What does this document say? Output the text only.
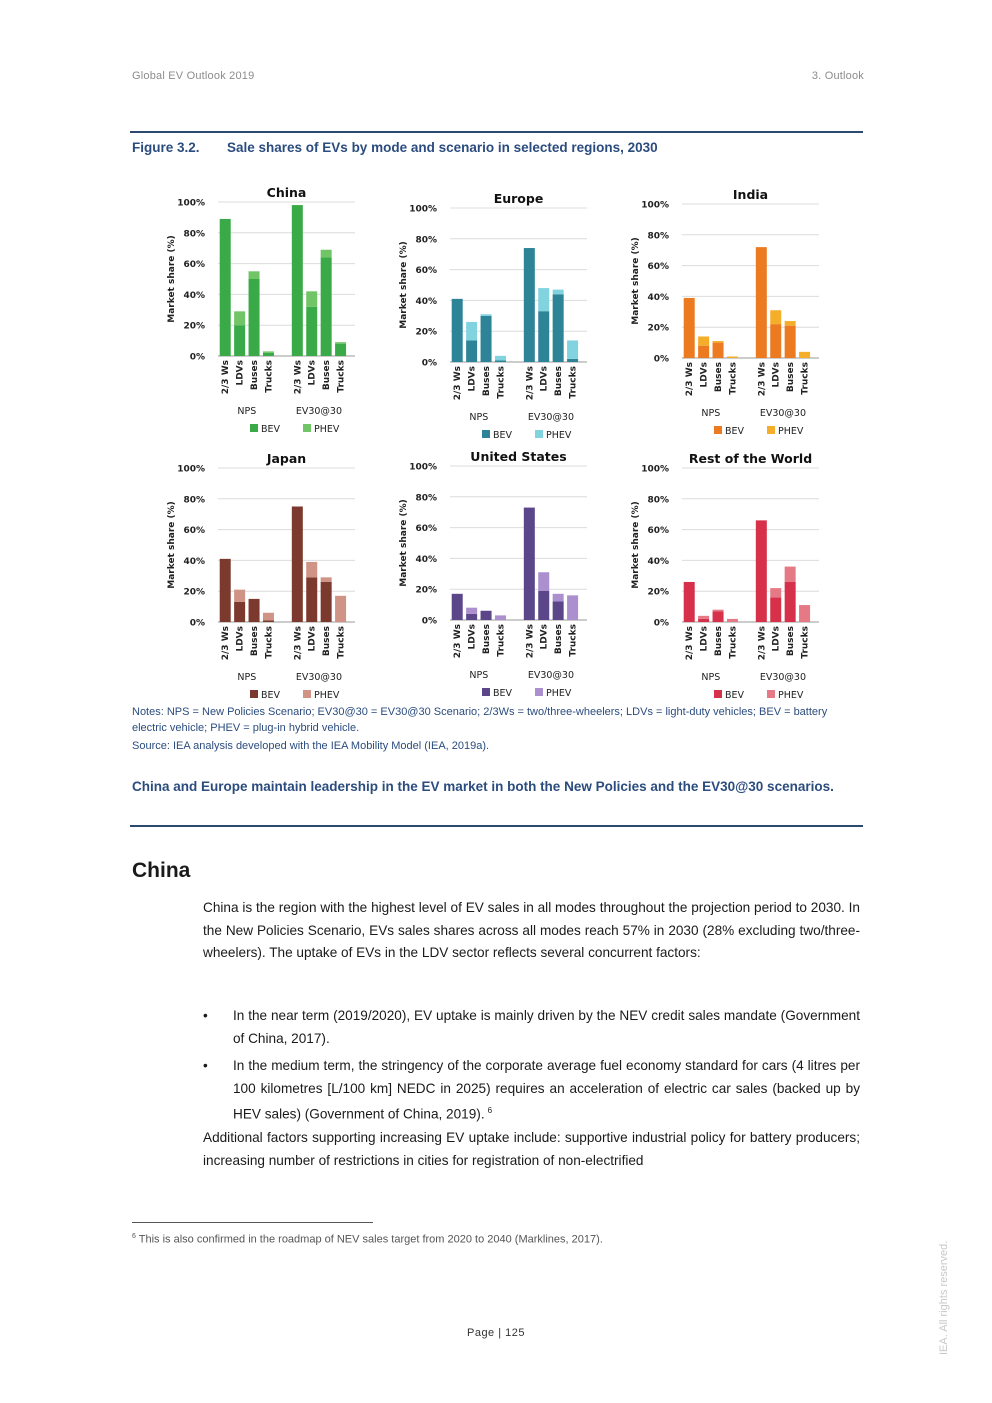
Global EV Outlook 2019	3. Outlook
Figure 3.2. Sale shares of EVs by mode and scenario in selected regions, 2030
China
0%
20%
40%
60%
80%
100%
Market share (%)
2/3 Ws LDVs Buses Trucks 2/3 Ws LDVs Buses Trucks
NPS	EV30@30
BEV	PHEV
Europe
0%
20%
40%
60%
80%
100%
Market share (%)
2/3 Ws LDVs Buses Trucks 2/3 Ws LDVs Buses Trucks
NPS	EV30@30
BEV	PHEV
India
0%
20%
40%
60%
80%
100%
Market share (%)
2/3 Ws LDVs Buses Trucks 2/3 Ws LDVs Buses Trucks
NPS	EV30@30
BEV	PHEV
Japan
0%
20%
40%
60%
80%
100%
Market share (%)
2/3 Ws LDVs Buses Trucks 2/3 Ws LDVs Buses Trucks
NPS	EV30@30
BEV	PHEV
United States
0%
20%
40%
60%
80%
100%
Market share (%)
2/3 Ws LDVs Buses Trucks 2/3 Ws LDVs Buses Trucks
NPS	EV30@30
BEV	PHEV
Rest of the World
0%
20%
40%
60%
80%
100%
Market share (%)
2/3 Ws LDVs Buses Trucks 2/3 Ws LDVs Buses Trucks
NPS	EV30@30
BEV	PHEV
Notes: NPS = New Policies Scenario; EV30@30 = EV30@30 Scenario; 2/3Ws = two/three-wheelers; LDVs = light-duty vehicles; BEV = battery electric vehicle; PHEV = plug-in hybrid vehicle.
Source: IEA analysis developed with the IEA Mobility Model (IEA, 2019a).
China and Europe maintain leadership in the EV market in both the New Policies and the EV30@30 scenarios.
China
China is the region with the highest level of EV sales in all modes throughout the projection period to 2030. In the New Policies Scenario, EVs sales shares across all modes reach 57% in 2030 (28% excluding two/three-wheelers). The uptake of EVs in the LDV sector reflects several concurrent factors:
• In the near term (2019/2020), EV uptake is mainly driven by the NEV credit sales mandate (Government of China, 2017).
• In the medium term, the stringency of the corporate average fuel economy standard for cars (4 litres per 100 kilometres [L/100 km] NEDC in 2025) requires an acceleration of electric car sales (backed up by HEV sales) (Government of China, 2019). $^6$
Additional factors supporting increasing EV uptake include: supportive industrial policy for battery producers; increasing number of restrictions in cities for registration of non-electrified
$^6$ This is also confirmed in the roadmap of NEV sales target from 2020 to 2040 (Marklines, 2017).
Page | 125	IEA. All rights reserved.
